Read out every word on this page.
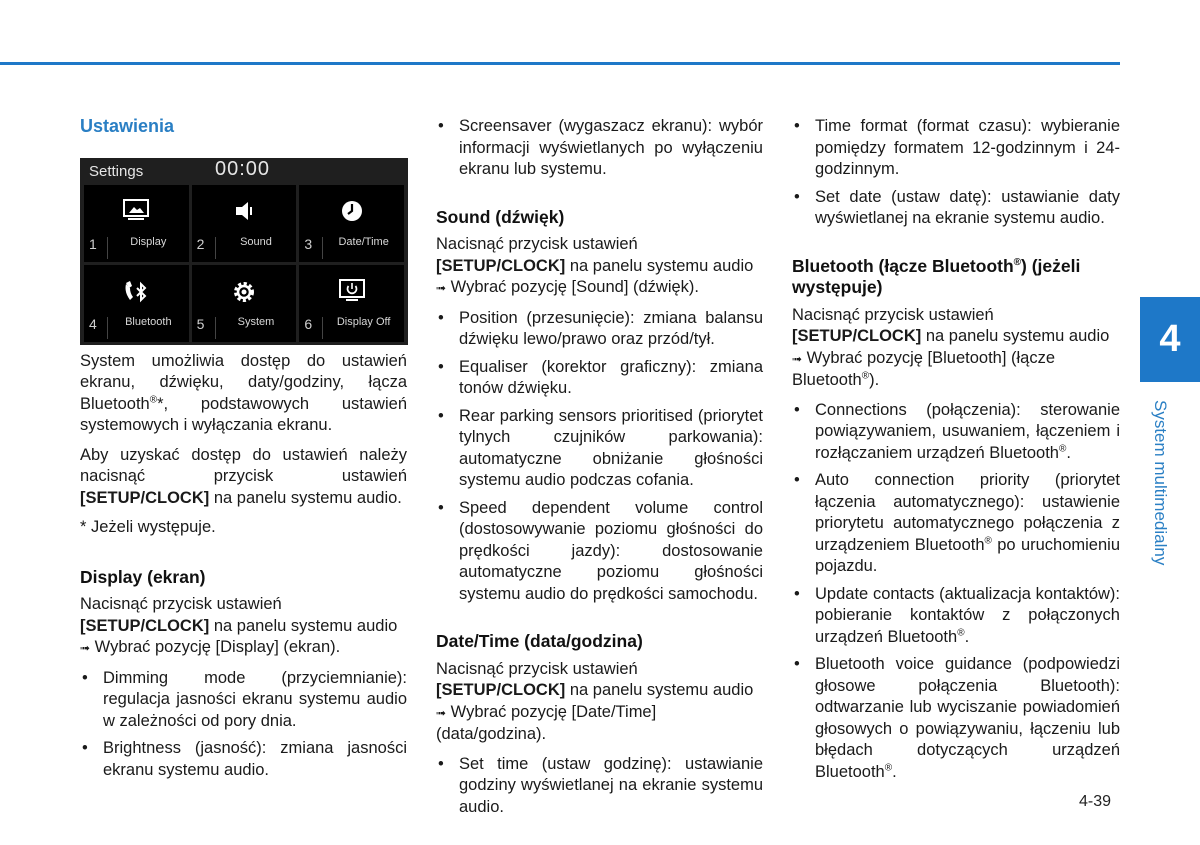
Ustawienia
Settings	00:00
1	Display	2	Sound	3	Date/Time
4	Bluetooth	5	System	6	Display Off

System umożliwia dostęp do ustawień ekranu, dźwięku, daty/godziny, łącza Bluetooth®*, podstawowych ustawień systemowych i wyłączania ekranu.

Aby uzyskać dostęp do ustawień należy nacisnąć przycisk ustawień [SETUP/CLOCK] na panelu systemu audio.

* Jeżeli występuje.

Display (ekran)

Nacisnąć przycisk ustawień [SETUP/CLOCK] na panelu systemu audio ➟ Wybrać pozycję [Display] (ekran).

• Dimming mode (przyciemnianie): regulacja jasności ekranu systemu audio w zależności od pory dnia.
• Brightness (jasność): zmiana jasności ekranu systemu audio.
• Screensaver (wygaszacz ekranu): wybór informacji wyświetlanych po wyłączeniu ekranu lub systemu.
Sound (dźwięk)

Nacisnąć przycisk ustawień [SETUP/CLOCK] na panelu systemu audio ➟ Wybrać pozycję [Sound] (dźwięk).

• Position (przesunięcie): zmiana balansu dźwięku lewo/prawo oraz przód/tył.
• Equaliser (korektor graficzny): zmiana tonów dźwięku.
• Rear parking sensors prioritised (priorytet tylnych czujników parkowania): automatyczne obniżanie głośności systemu audio podczas cofania.
• Speed dependent volume control (dostosowywanie poziomu głośności do prędkości jazdy): dostosowanie automatyczne poziomu głośności systemu audio do prędkości samochodu.
Date/Time (data/godzina)

Nacisnąć przycisk ustawień [SETUP/CLOCK] na panelu systemu audio ➟ Wybrać pozycję [Date/Time] (data/godzina).

• Set time (ustaw godzinę): ustawianie godziny wyświetlanej na ekranie systemu audio.
• Time format (format czasu): wybieranie pomiędzy formatem 12-godzinnym i 24-godzinnym.
• Set date (ustaw datę): ustawianie daty wyświetlanej na ekranie systemu audio.
Bluetooth (łącze Bluetooth®) (jeżeli występuje)

Nacisnąć przycisk ustawień [SETUP/CLOCK] na panelu systemu audio ➟ Wybrać pozycję [Bluetooth] (łącze Bluetooth®).

• Connections (połączenia): sterowanie powiązywaniem, usuwaniem, łączeniem i rozłączaniem urządzeń Bluetooth®.
• Auto connection priority (priorytet łączenia automatycznego): ustawienie priorytetu automatycznego połączenia z urządzeniem Bluetooth® po uruchomieniu pojazdu.
• Update contacts (aktualizacja kontaktów): pobieranie kontaktów z połączonych urządzeń Bluetooth®.
• Bluetooth voice guidance (podpowiedzi głosowe połączenia Bluetooth): odtwarzanie lub wyciszanie powiadomień głosowych o powiązywaniu, łączeniu lub błędach dotyczących urządzeń Bluetooth®.
4
System multimedialny
4-39
